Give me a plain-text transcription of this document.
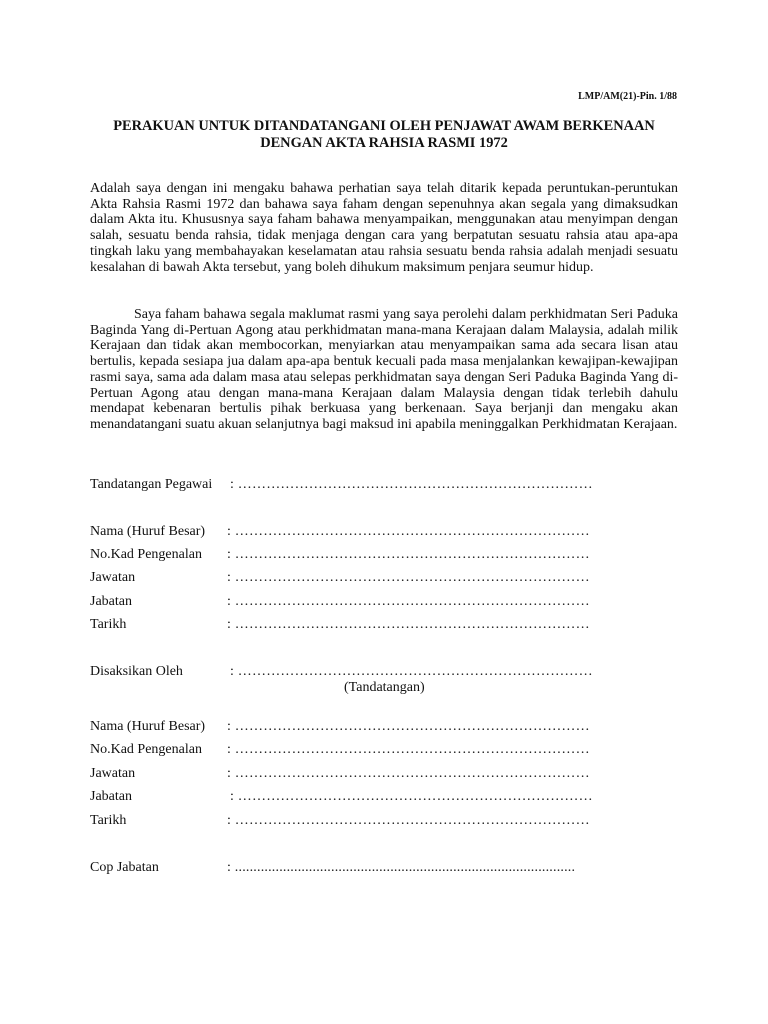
LMP/AM(21)-Pin. 1/88
PERAKUAN UNTUK DITANDATANGANI OLEH PENJAWAT AWAM BERKENAAN
DENGAN AKTA RAHSIA RASMI 1972

Adalah saya dengan ini mengaku bahawa perhatian saya telah ditarik kepada peruntukan-peruntukan Akta Rahsia Rasmi 1972 dan bahawa saya faham dengan sepenuhnya akan segala yang dimaksudkan dalam Akta itu. Khususnya saya faham bahawa menyampaikan, menggunakan atau menyimpan dengan salah, sesuatu benda rahsia, tidak menjaga dengan cara yang berpatutan sesuatu rahsia atau apa-apa tingkah laku yang membahayakan keselamatan atau rahsia sesuatu benda rahsia adalah menjadi sesuatu kesalahan di bawah Akta tersebut, yang boleh dihukum maksimum penjara seumur hidup.

Saya faham bahawa segala maklumat rasmi yang saya perolehi dalam perkhidmatan Seri Paduka Baginda Yang di-Pertuan Agong atau perkhidmatan mana-mana Kerajaan dalam Malaysia, adalah milik Kerajaan dan tidak akan membocorkan, menyiarkan atau menyampaikan sama ada secara lisan atau bertulis, kepada sesiapa jua dalam apa-apa bentuk kecuali pada masa menjalankan kewajipan-kewajipan rasmi saya, sama ada dalam masa atau selepas perkhidmatan saya dengan Seri Paduka Baginda Yang di-Pertuan Agong atau dengan mana-mana Kerajaan dalam Malaysia dengan tidak terlebih dahulu mendapat kebenaran bertulis pihak berkuasa yang berkenaan. Saya berjanji dan mengaku akan menandatangani suatu akuan selanjutnya bagi maksud ini apabila meninggalkan Perkhidmatan Kerajaan.

Tandatangan Pegawai	: …………………………………………………………………
Nama (Huruf Besar)	: …………………………………………………………………
No.Kad Pengenalan	: …………………………………………………………………
Jawatan	: …………………………………………………………………
Jabatan	: …………………………………………………………………
Tarikh	: …………………………………………………………………
Disaksikan Oleh	: …………………………………………………………………
(Tandatangan)
Nama (Huruf Besar)	: …………………………………………………………………
No.Kad Pengenalan	: …………………………………………………………………
Jawatan	: …………………………………………………………………
Jabatan	: …………………………………………………………………
Tarikh	: …………………………………………………………………
Cop Jabatan	: ............................................................................................
